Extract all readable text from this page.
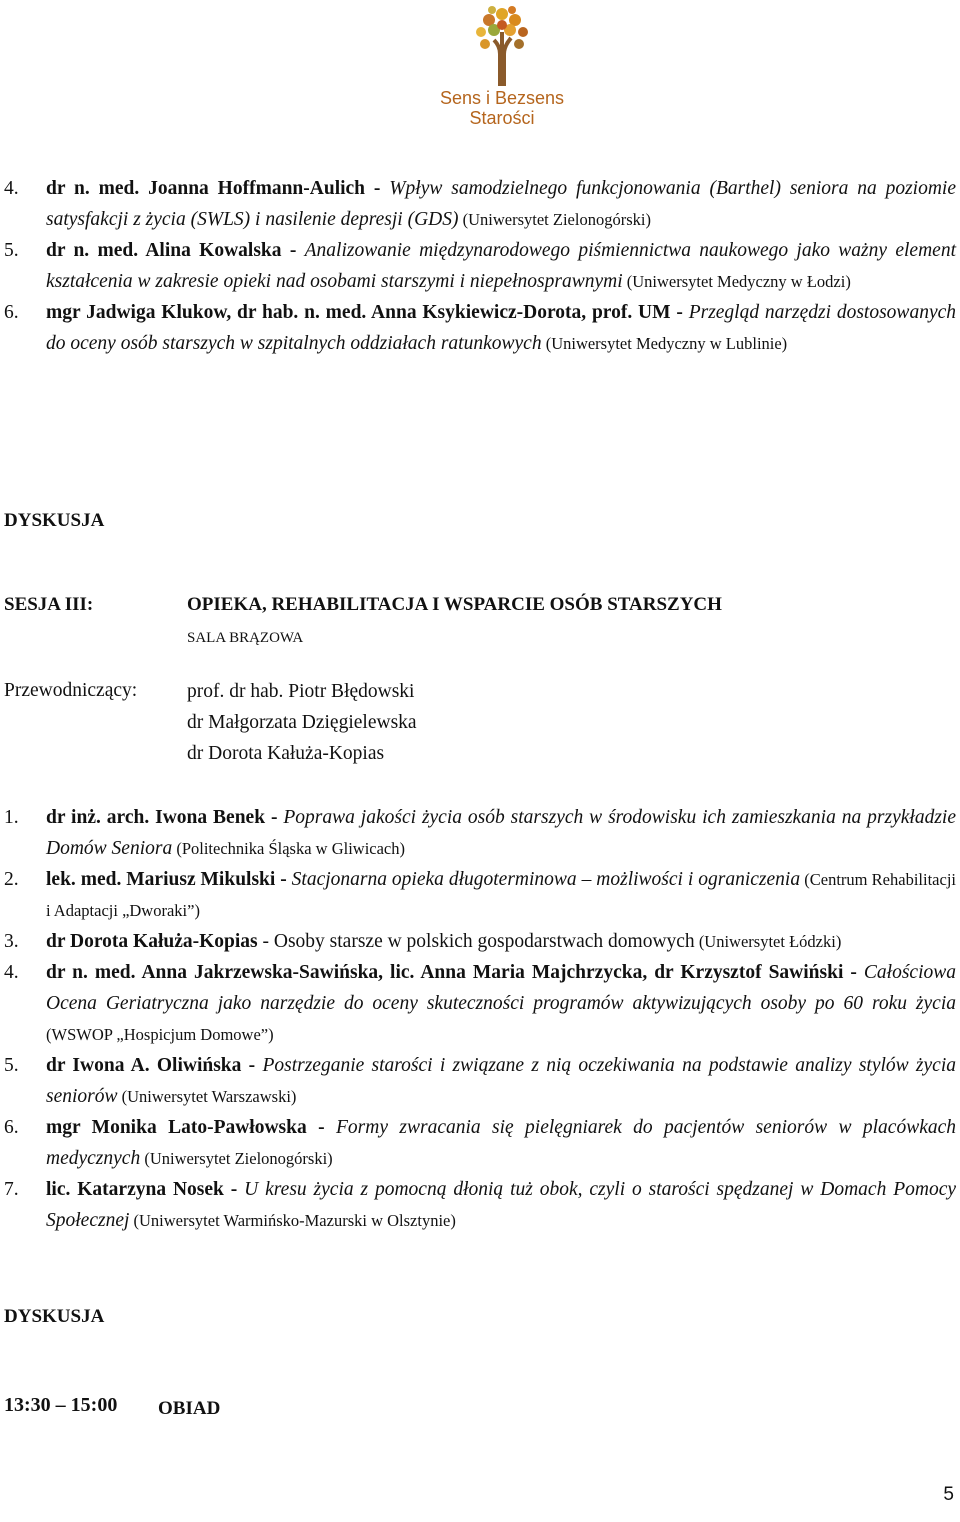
Sens i Bezsens
Starości
4. dr n. med. Joanna Hoffmann-Aulich - Wpływ samodzielnego funkcjonowania (Barthel) seniora na poziomie satysfakcji z życia (SWLS) i nasilenie depresji (GDS) (Uniwersytet Zielonogórski)
5. dr n. med. Alina Kowalska - Analizowanie międzynarodowego piśmiennictwa naukowego jako ważny element kształcenia w zakresie opieki nad osobami starszymi i niepełnosprawnymi (Uniwersytet Medyczny w Łodzi)
6. mgr Jadwiga Klukow, dr hab. n. med. Anna Ksykiewicz-Dorota, prof. UM - Przegląd narzędzi dostosowanych do oceny osób starszych w szpitalnych oddziałach ratunkowych (Uniwersytet Medyczny w Lublinie)
DYSKUSJA
SESJA III:	OPIEKA, REHABILITACJA I WSPARCIE OSÓB STARSZYCH
SALA BRĄZOWA
Przewodniczący:	prof. dr hab. Piotr Błędowski
dr Małgorzata Dzięgielewska
dr Dorota Kałuża-Kopias
1. dr inż. arch. Iwona Benek - Poprawa jakości życia osób starszych w środowisku ich zamieszkania na przykładzie Domów Seniora (Politechnika Śląska w Gliwicach)
2. lek. med. Mariusz Mikulski - Stacjonarna opieka długoterminowa – możliwości i ograniczenia (Centrum Rehabilitacji i Adaptacji „Dworaki”)
3. dr Dorota Kałuża-Kopias - Osoby starsze w polskich gospodarstwach domowych (Uniwersytet Łódzki)
4. dr n. med. Anna Jakrzewska-Sawińska, lic. Anna Maria Majchrzycka, dr Krzysztof Sawiński - Całościowa Ocena Geriatryczna jako narzędzie do oceny skuteczności programów aktywizujących osoby po 60 roku życia (WSWOP „Hospicjum Domowe”)
5. dr Iwona A. Oliwińska - Postrzeganie starości i związane z nią oczekiwania na podstawie analizy stylów życia seniorów (Uniwersytet Warszawski)
6. mgr Monika Lato-Pawłowska - Formy zwracania się pielęgniarek do pacjentów seniorów w placówkach medycznych (Uniwersytet Zielonogórski)
7. lic. Katarzyna Nosek - U kresu życia z pomocną dłonią tuż obok, czyli o starości spędzanej w Domach Pomocy Społecznej (Uniwersytet Warmińsko-Mazurski w Olsztynie)
DYSKUSJA
13:30 – 15:00 OBIAD
5
